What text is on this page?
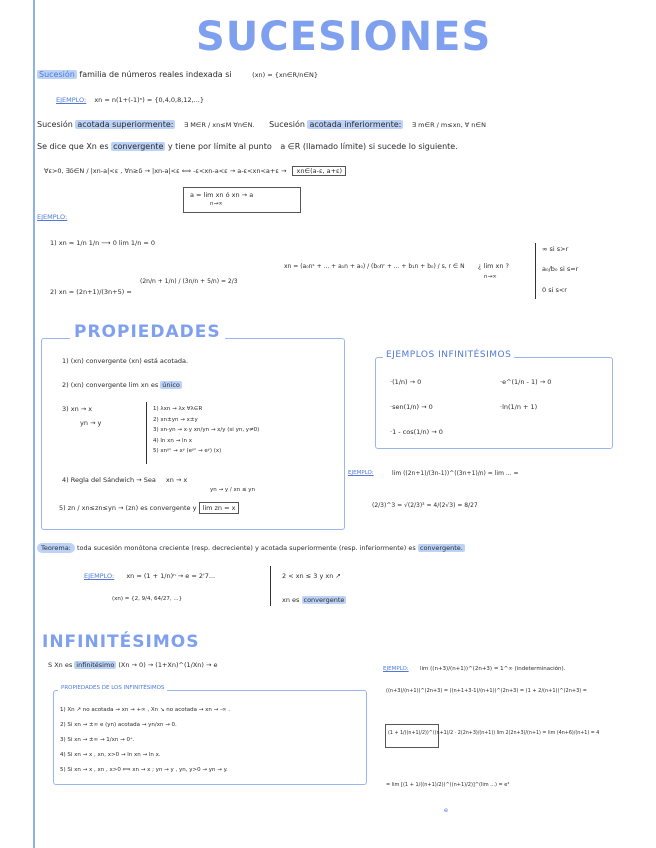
SUCESIONES
Sucesión familia de números reales indexada si	(xn) = {xn∈R/n∈N}
EJEMPLO: xn = n(1+(-1)ⁿ) = {0,4,0,8,12,...}
Sucesión acotada superiormente: ∃ M∈R / xn≤M ∀n∈N. Sucesión acotada inferiormente: ∃ m∈R / m≤xn, ∀ n∈N
Se dice que Xn es convergente y tiene por límite al punto a ∈R (llamado límite) si sucede lo siguiente.
∀ε>0, ∃δ∈N / |xn-a|<ε , ∀n≥δ → |xn-a|<ε ⟺ -ε<xn-a<ε → a-ε<xn<a+ε → xn∈(a-ε, a+ε)
a = lim xn ó xn → a
n→∞
EJEMPLO:
1) xn = 1/n 1/n ⟶ 0 lim 1/n = 0
2) xn = (2n+1)/(3n+5) =
(2n/n + 1/n) / (3n/n + 5/n) = 2/3
xn = (a₀nˢ + ... + a₁n + a₀) / (b₀nʳ + ... + b₁n + b₀) / s, r ∈ N ¿ lim xn ?
n→∞
∞ si s>r
a₀/b₀ si s=r
0 si s<r
PROPIEDADES
1) (xn) convergente (xn) está acotada.
2) (xn) convergente lim xn es único
3) xn → x
yn → y
1) λxn → λx ∀λ∈R
2) xn±yn → x±y
3) xn·yn → x·y xn/yn → x/y (si yn, y≠0)
4) ln xn → ln x
5) xnʸⁿ → xʸ (eʸⁿ → eʸ) (x)
4) Regla del Sándwich → Sea xn → x
yn → y / xn ≤ yn
5) zn / xn≤zn≤yn → (zn) es convergente y lim zn = x
EJEMPLOS INFINITÉSIMOS
·(1/n) → 0	·e^(1/n - 1) → 0
·sen(1/n) → 0	·ln(1/n + 1)
·1 - cos(1/n) → 0
EJEMPLO:	lim ((2n+1)/(3n-1))^((3n+1)/n) = lim ... =
(2/3)^3 = √(2/3)³ = 4/(2√3) = 8/27
Teorema: toda sucesión monótona creciente (resp. decreciente) y acotada superiormente (resp. inferiormente) es convergente.
EJEMPLO: xn = (1 + 1/n)ⁿ → e = 2'7...
(xn) = {2, 9/4, 64/27, ...}
2 < xn ≤ 3 y xn ↗
xn es convergente
INFINITÉSIMOS
S Xn es infinitésimo (Xn → 0) → (1+Xn)^(1/Xn) → e
PROPIEDADES DE LOS INFINITÉSIMOS
1) Xn ↗ no acotada → xn → +∞ , Xn ↘ no acotada → xn → -∞ .
2) Si xn → ±∞ e (yn) acotada → yn/xn → 0.
3) Si xn → ±∞ → 1/xn → 0⁺.
4) Si xn → x , xn, x>0 → ln xn → ln x.
5) Si xn → x , xn , x>0 ⟺ xn → x ; yn → y , yn, y>0 → yn → y.
EJEMPLO: lim ((n+3)/(n+1))^(2n+3) = 1^∞ (indeterminación).
((n+3)/(n+1))^(2n+3) = ((n+1+3-1)/(n+1))^(2n+3) = (1 + 2/(n+1))^(2n+3) =
(1 + 1/((n+1)/2))^((n+1)/2 · 2(2n+3)/(n+1)) lim 2(2n+3)/(n+1) = lim (4n+6)/(n+1) = 4
= lim [(1 + 1/((n+1)/2))^((n+1)/2)]^(lim ...) = e⁴
e
